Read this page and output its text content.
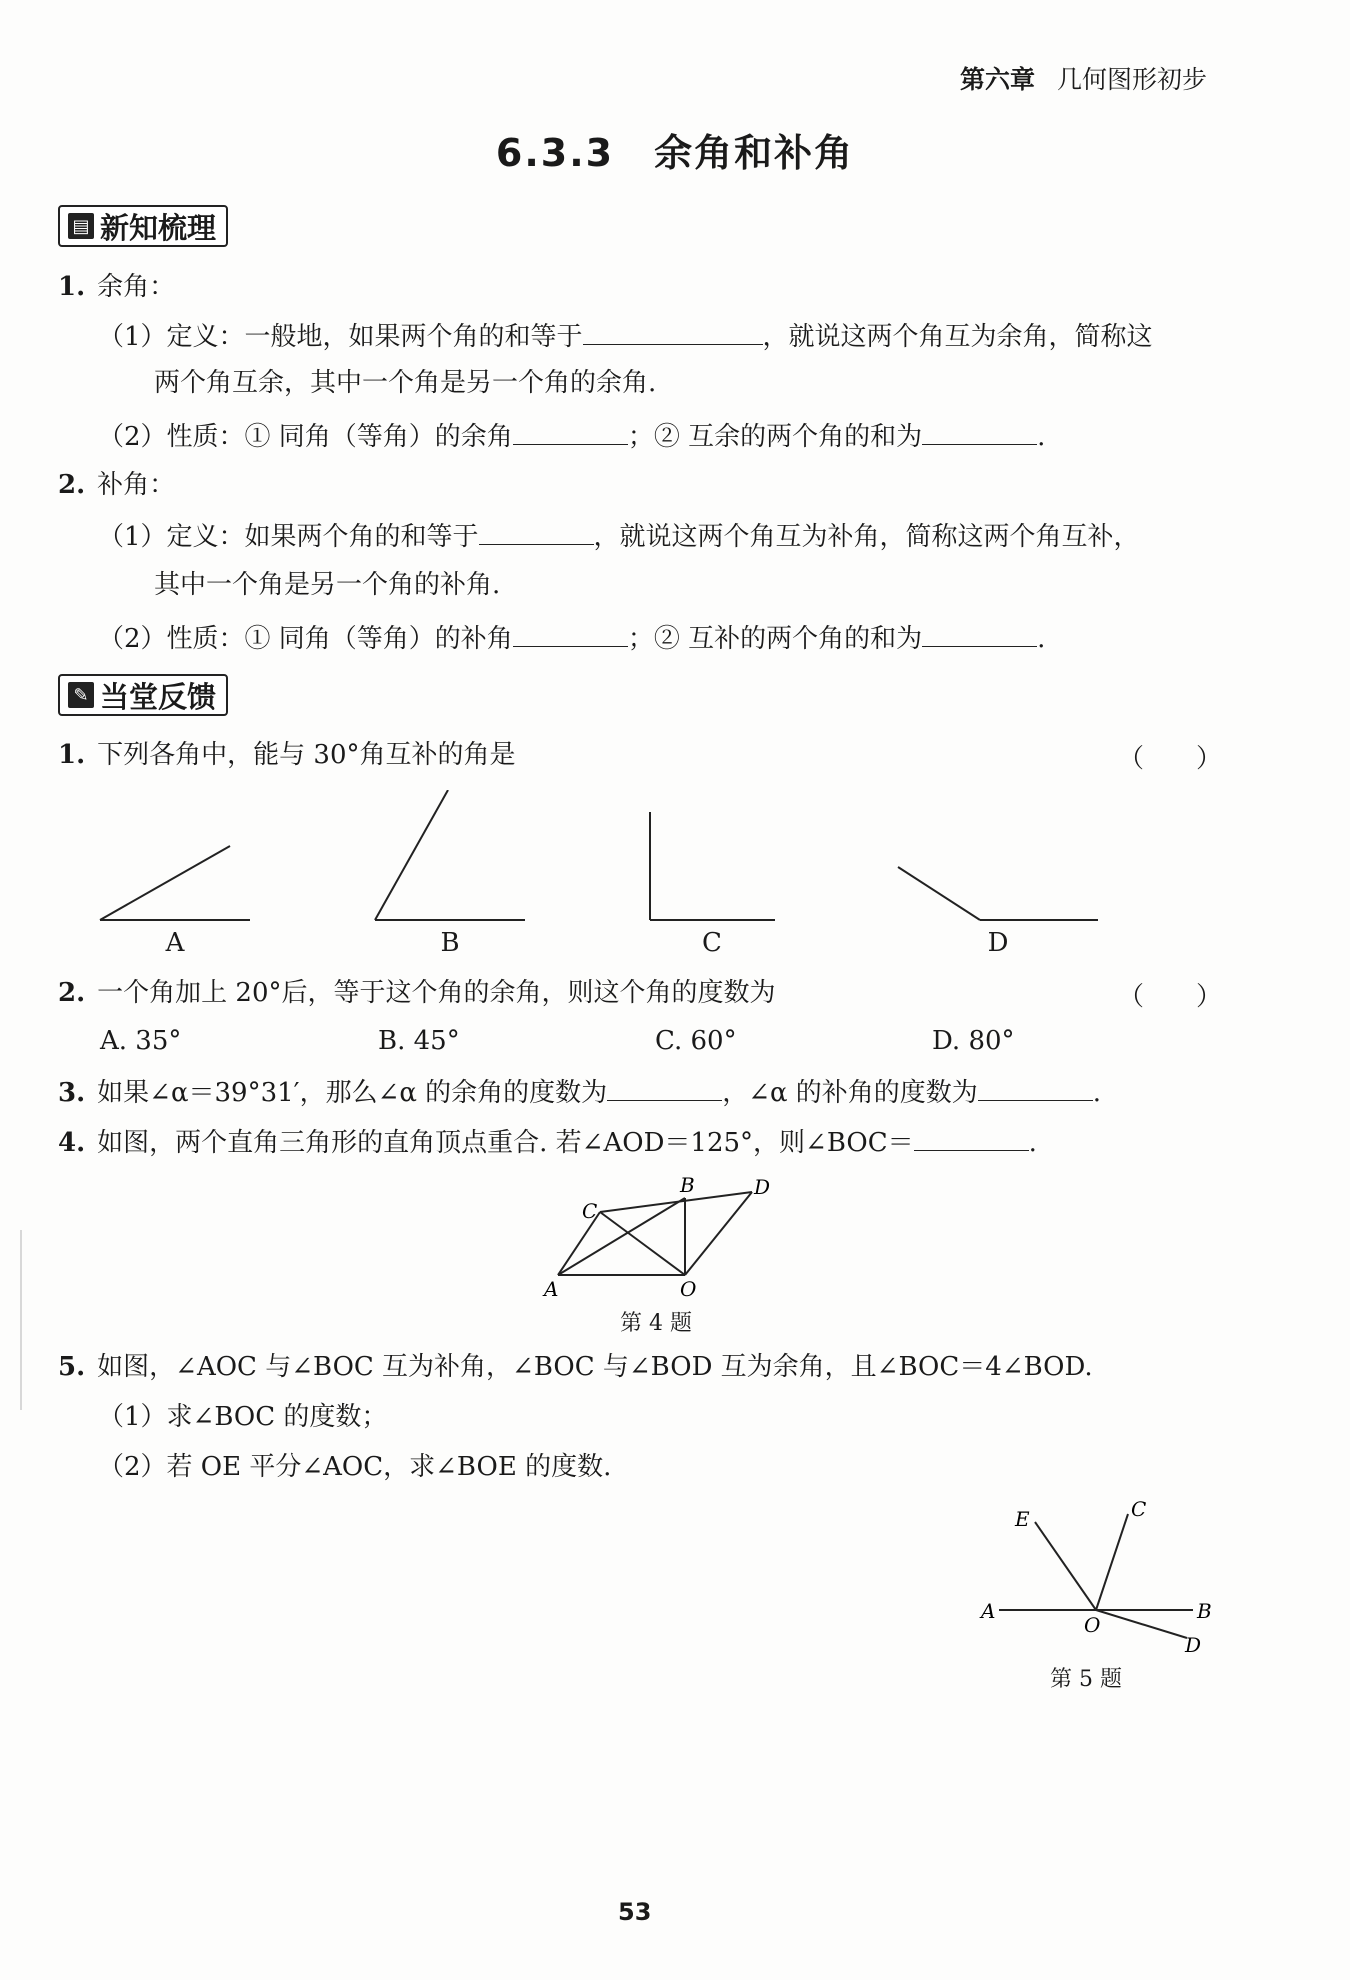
第六章 几何图形初步
6.3.3　余角和补角
▤ 新知梳理
1. 余角：
（1）定义：一般地，如果两个角的和等于	，就说这两个角互为余角，简称这
两个角互余，其中一个角是另一个角的余角.
（2）性质：① 同角（等角）的余角	；② 互余的两个角的和为	.
2. 补角：
（1）定义：如果两个角的和等于	，就说这两个角互为补角，简称这两个角互补，
其中一个角是另一个角的补角.
（2）性质：① 同角（等角）的补角	；② 互补的两个角的和为	.
✎ 当堂反馈
1. 下列各角中，能与 30°角互补的角是	（　　）
A	B	C	D
2. 一个角加上 20°后，等于这个角的余角，则这个角的度数为	（　　）
A. 35°	B. 45°	C. 60°	D. 80°
3. 如果∠α＝39°31′，那么∠α 的余角的度数为	，∠α 的补角的度数为	.
4. 如图，两个直角三角形的直角顶点重合. 若∠AOD＝125°，则∠BOC＝	.
A
B
C
D
O
第 4 题
5. 如图，∠AOC 与∠BOC 互为补角，∠BOC 与∠BOD 互为余角，且∠BOC＝4∠BOD.
（1）求∠BOC 的度数；
（2）若 OE 平分∠AOC，求∠BOE 的度数.
E	C
A	B
O
D
第 5 题
53
